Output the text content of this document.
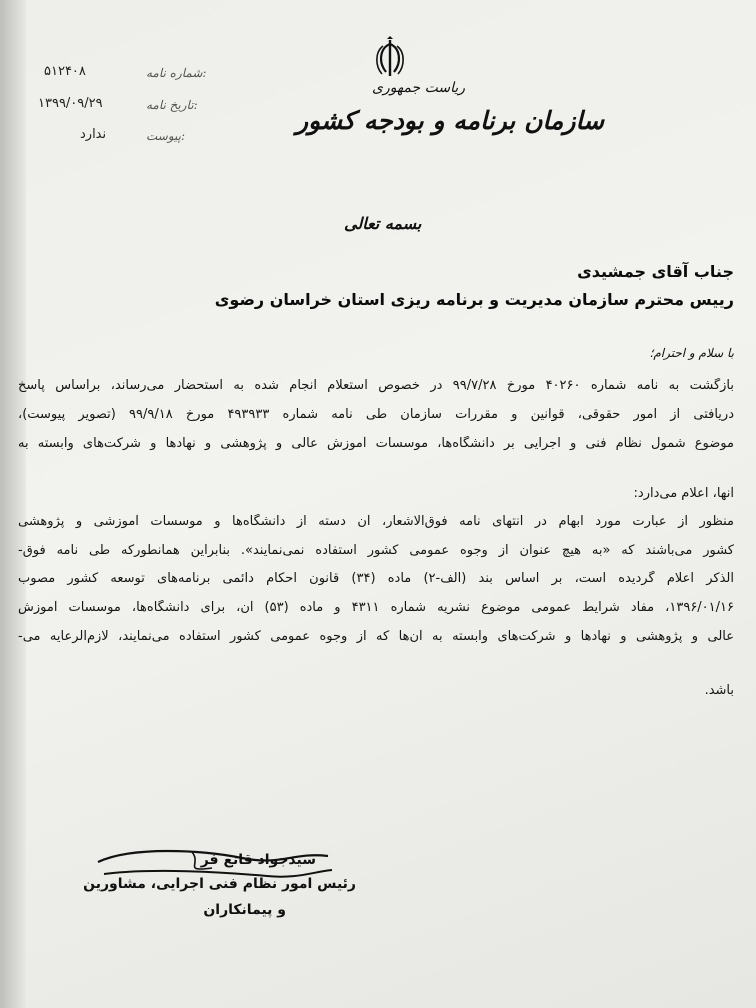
شماره نامه:
۵۱۲۴۰۸
تاریخ نامه:
۱۳۹۹/۰۹/۲۹
پیوست:
ندارد
ریاست جمهوری
سازمان برنامه و بودجه کشور
بسمه تعالی
جناب آقای جمشیدی
رییس محترم سازمان مدیریت و برنامه ریزی استان خراسان رضوی
با سلام و احترام؛
بازگشت به نامه شماره ۴۰۲۶۰ مورخ ۹۹/۷/۲۸ در خصوص استعلام انجام شده به استحضار می‌رساند، براساس پاسخ
دریافتی از امور حقوقی، قوانین و مقررات سازمان طی نامه شماره ۴۹۳۹۳۳ مورخ ۹۹/۹/۱۸ (تصویر پیوست)،
موضوع شمول نظام فنی و اجرایی بر دانشگاه‌ها، موسسات آموزش عالی و پژوهشی و نهادها و شرکت‌های وابسته به
آنها، اعلام می‌دارد:
منظور از عبارت مورد ابهام در انتهای نامه فوق‌الاشعار، آن دسته از دانشگاه‌ها و موسسات آموزشی و پژوهشی
کشور می‌باشند که «به هیچ عنوان از وجوه عمومی کشور استفاده نمی‌نمایند». بنابراین همانطورکه طی نامه فوق-
الذکر اعلام گردیده است، بر اساس بند (الف-۲) ماده (۳۴) قانون احکام دائمی برنامه‌های توسعه کشور مصوب
۱۳۹۶/۰۱/۱۶، مفاد شرایط عمومی موضوع نشریه شماره ۴۳۱۱ و ماده (۵۳) آن، برای دانشگاه‌ها، موسسات آموزش
عالی و پژوهشی و نهادها و شرکت‌های وابسته به آن‌ها که از وجوه عمومی کشور استفاده می‌نمایند، لازم‌الرعایه می-
باشد.
سیدجواد قانع فر
رئیس امور نظام فنی اجرایی، مشاورین
و پیمانکاران
